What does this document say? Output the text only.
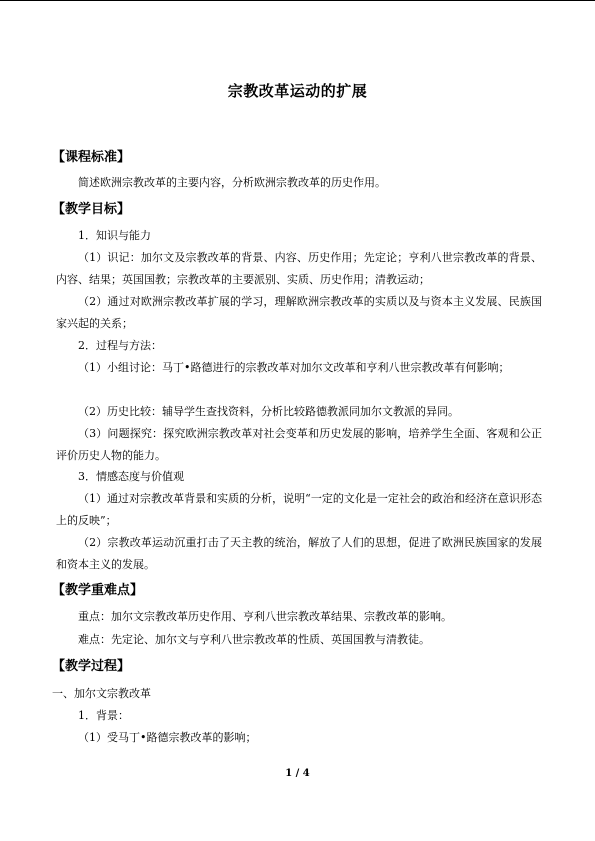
宗教改革运动的扩展
【课程标准】
简述欧洲宗教改革的主要内容，分析欧洲宗教改革的历史作用。
【教学目标】
1．知识与能力
（1）识记：加尔文及宗教改革的背景、内容、历史作用；先定论；亨利八世宗教改革的背景、内容、结果；英国国教；宗教改革的主要派别、实质、历史作用；清教运动；
（2）通过对欧洲宗教改革扩展的学习，理解欧洲宗教改革的实质以及与资本主义发展、民族国家兴起的关系；
2．过程与方法：
（1）小组讨论：马丁•路德进行的宗教改革对加尔文改革和亨利八世宗教改革有何影响；
（2）历史比较：辅导学生查找资料，分析比较路德教派同加尔文教派的异同。
（3）问题探究：探究欧洲宗教改革对社会变革和历史发展的影响，培养学生全面、客观和公正评价历史人物的能力。
3．情感态度与价值观
（1）通过对宗教改革背景和实质的分析，说明“一定的文化是一定社会的政治和经济在意识形态上的反映”；
（2）宗教改革运动沉重打击了天主教的统治，解放了人们的思想，促进了欧洲民族国家的发展和资本主义的发展。
【教学重难点】
重点：加尔文宗教改革历史作用、亨利八世宗教改革结果、宗教改革的影响。
难点：先定论、加尔文与亨利八世宗教改革的性质、英国国教与清教徒。
【教学过程】
一、加尔文宗教改革
1．背景：
（1）受马丁•路德宗教改革的影响；
1 / 4
